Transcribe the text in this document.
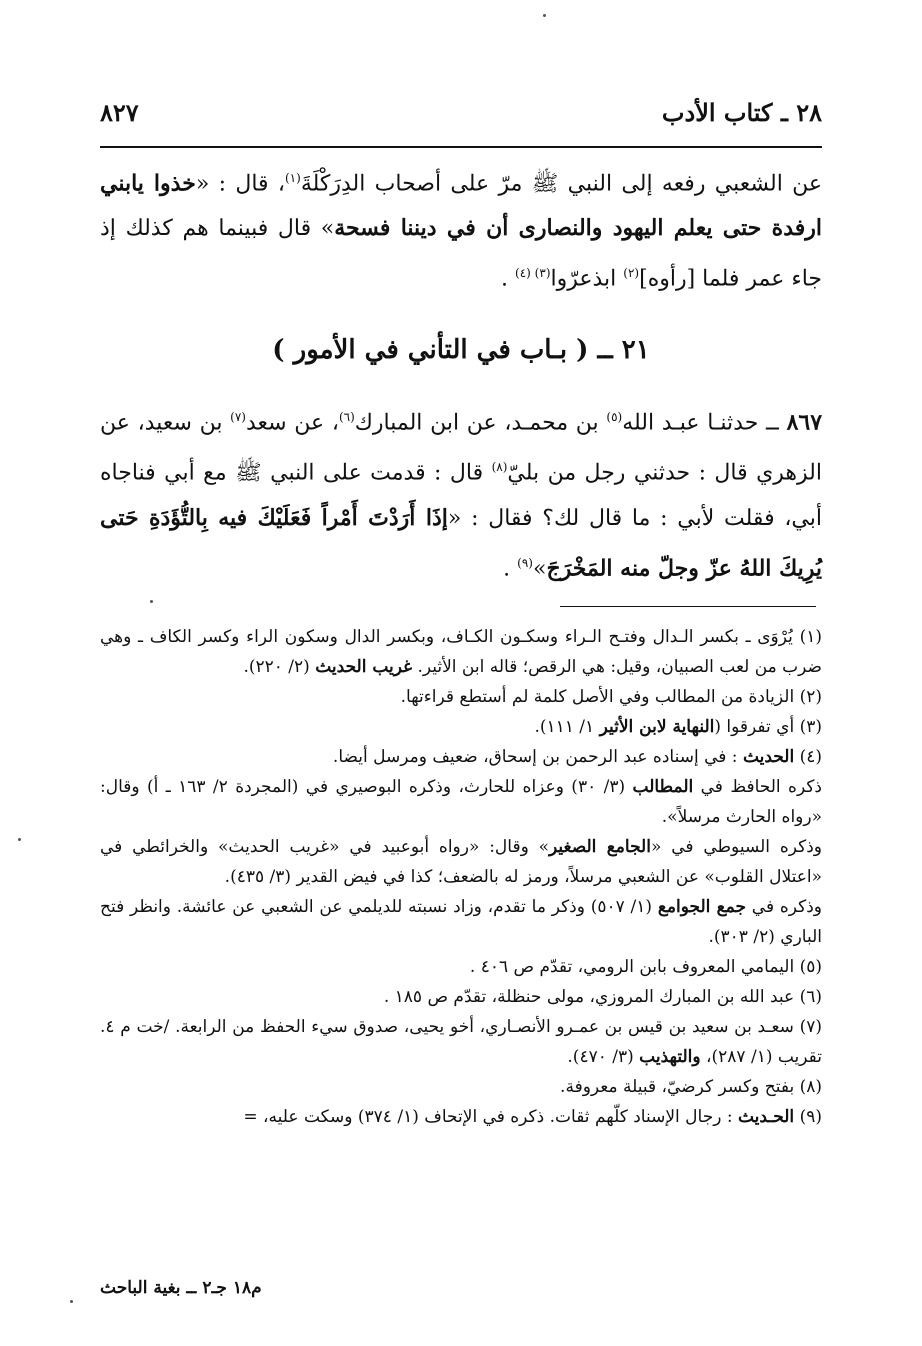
٢٨ ـ كتاب الأدب
٨٢٧
عن الشعبي رفعه إلى النبي ﷺ مرّ على أصحاب الدِرَكْلَةَ$^{(١)}$، قال : «خذوا يابني ارفدة حتى يعلم اليهود والنصارى أن في ديننا فسحة» قال فبينما هم كذلك إذ جاء عمر فلما [رأوه]$^{(٢)}$ ابذعرّوا$^{(٣)}$ $^{(٤)}$ .
٢١ ــ ( بـاب في التأني في الأمور )
٨٦٧ ــ حدثنـا عبـد الله$^{(٥)}$ بن محمـد، عن ابن المبارك$^{(٦)}$، عن سعد$^{(٧)}$ بن سعيد، عن الزهري قال : حدثني رجل من بليّ$^{(٨)}$ قال : قدمت على النبي ﷺ مع أبي فناجاه أبي، فقلت لأبي : ما قال لك؟ فقال : «إذَا أَرَدْتَ أَمْراً فَعَلَيْكَ فيه بِالتُّؤَدَةِ حَتى يُرِيكَ اللهُ عزّ وجلّ منه المَخْرَجَ»$^{(٩)}$ .

(١) يُرْوَى ـ بكسر الـدال وفتـح الـراء وسكـون الكـاف، وبكسر الدال وسكون الراء وكسر الكاف ـ وهي ضرب من لعب الصبيان، وقيل: هي الرقص؛ قاله ابن الأثير. غريب الحديث (٢/ ٢٢٠).

(٢) الزيادة من المطالب وفي الأصل كلمة لم أستطع قراءتها.

(٣) أي تفرقوا (النهاية لابن الأثير ١/ ١١١).

(٤) الحديث : في إسناده عبد الرحمن بن إسحاق، ضعيف ومرسل أيضا.

ذكره الحافظ في المطالب (٣/ ٣٠) وعزاه للحارث، وذكره البوصيري في (المجردة ٢/ ١٦٣ ـ أ) وقال: «رواه الحارث مرسلاً».

وذكره السيوطي في «الجامع الصغير» وقال: «رواه أبوعبيد في «غريب الحديث» والخرائطي في «اعتلال القلوب» عن الشعبي مرسلاً، ورمز له بالضعف؛ كذا في فيض القدير (٣/ ٤٣٥).

وذكره في جمع الجوامع (١/ ٥٠٧) وذكر ما تقدم، وزاد نسبته للديلمي عن الشعبي عن عائشة. وانظر فتح الباري (٢/ ٣٠٣).

(٥) اليمامي المعروف بابن الرومي، تقدّم ص ٤٠٦ .

(٦) عبد الله بن المبارك المروزي، مولى حنظلة، تقدّم ص ١٨٥ .

(٧) سعـد بن سعيد بن قيس بن عمـرو الأنصـاري، أخو يحيى، صدوق سيء الحفظ من الرابعة. /خت م ٤. تقريب (١/ ٢٨٧)، والتهذيب (٣/ ٤٧٠).

(٨) بفتح وكسر كرضيّ، قبيلة معروفة.

(٩) الحـديث : رجال الإسناد كلّهم ثقات. ذكره في الإتحاف (١/ ٣٧٤) وسكت عليه، =

م١٨ جـ٢ ــ بغية الباحث
